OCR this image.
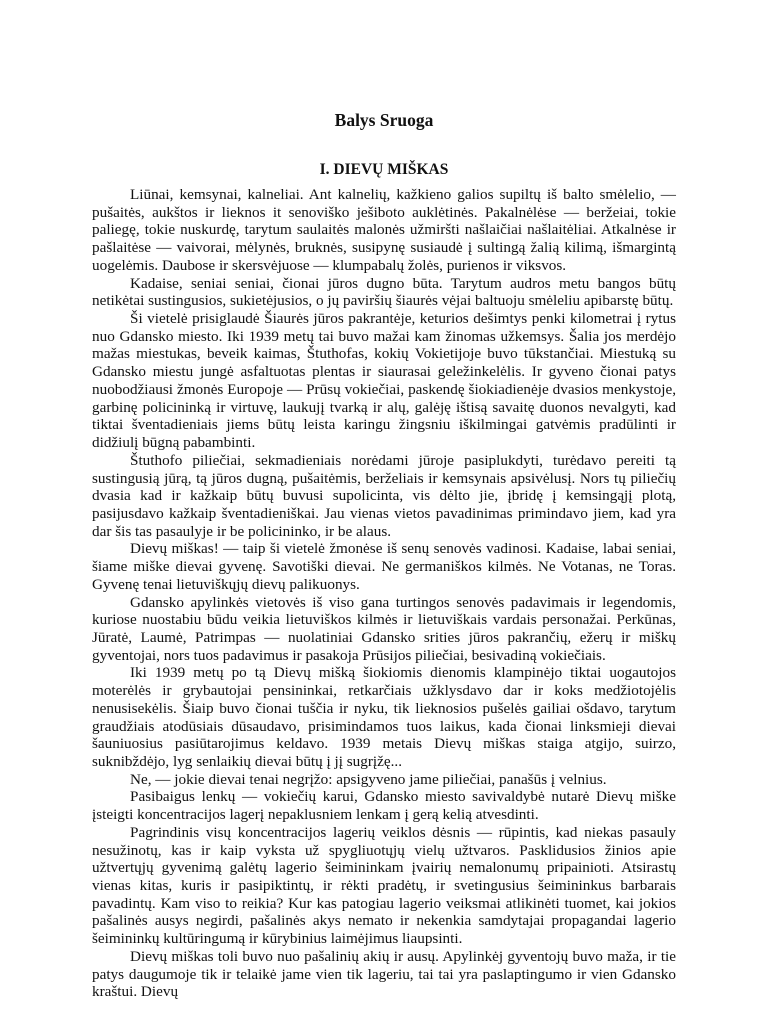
Balys Sruoga
I. DIEVŲ MIŠKAS

Liūnai, kemsynai, kalneliai. Ant kalnelių, kažkieno galios supiltų iš balto smėlelio, — pušaitės, aukštos ir lieknos it senoviško ješiboto auklėtinės. Pakalnėlėse — beržeiai, tokie paliegę, tokie nuskurdę, tarytum saulaitės malonės užmiršti našlaičiai našlaitėliai. Atkalnėse ir pašlaitėse — vaivorai, mėlynės, bruknės, susipynę susiaudė į sultingą žalią kilimą, išmargintą uogelėmis. Daubose ir skersvėjuose — klumpabalų žolės, purienos ir viksvos.

Kadaise, seniai seniai, čionai jūros dugno būta. Tarytum audros metu bangos būtų netikėtai sustingusios, sukietėjusios, o jų paviršių šiaurės vėjai baltuoju smėleliu apibarstę būtų.

Ši vietelė prisiglaudė Šiaurės jūros pakrantėje, keturios dešimtys penki kilometrai į rytus nuo Gdansko miesto. Iki 1939 metų tai buvo mažai kam žinomas užkemsys. Šalia jos merdėjo mažas miestukas, beveik kaimas, Štuthofas, kokių Vokietijoje buvo tūkstančiai. Miestuką su Gdansko miestu jungė asfaltuotas plentas ir siaurasai geležinkelėlis. Ir gyveno čionai patys nuobodžiausi žmonės Europoje — Prūsų vokiečiai, paskendę šiokiadienėje dvasios menkystoje, garbinę policininką ir virtuvę, laukujį tvarką ir alų, galėję ištisą savaitę duonos nevalgyti, kad tiktai šventadieniais jiems būtų leista karingu žingsniu iškilmingai gatvėmis pradūlinti ir didžiulį būgną pabambinti.

Štuthofo piliečiai, sekmadieniais norėdami jūroje pasiplukdyti, turėdavo pereiti tą sustingusią jūrą, tą jūros dugną, pušaitėmis, berželiais ir kemsynais apsivėlusį. Nors tų piliečių dvasia kad ir kažkaip būtų buvusi supolicinta, vis dėlto jie, įbridę į kemsingąjį plotą, pasijusdavo kažkaip šventadieniškai. Jau vienas vietos pavadinimas primindavo jiem, kad yra dar šis tas pasaulyje ir be policininko, ir be alaus.

Dievų miškas! — taip ši vietelė žmonėse iš senų senovės vadinosi. Kadaise, labai seniai, šiame miške dievai gyvenę. Savotiški dievai. Ne germaniškos kilmės. Ne Votanas, ne Toras. Gyvenę tenai lietuviškųjų dievų palikuonys.

Gdansko apylinkės vietovės iš viso gana turtingos senovės padavimais ir legendomis, kuriose nuostabiu būdu veikia lietuviškos kilmės ir lietuviškais vardais personažai. Perkūnas, Jūratė, Laumė, Patrimpas — nuolatiniai Gdansko srities jūros pakrančių, ežerų ir miškų gyventojai, nors tuos padavimus ir pasakoja Prūsijos piliečiai, besivadiną vokiečiais.

Iki 1939 metų po tą Dievų mišką šiokiomis dienomis klampinėjo tiktai uogautojos moterėlės ir grybautojai pensininkai, retkarčiais užklysdavo dar ir koks medžiotojėlis nenusisekėlis. Šiaip buvo čionai tuščia ir nyku, tik lieknosios pušelės gailiai ošdavo, tarytum graudžiais atodūsiais dūsaudavo, prisimindamos tuos laikus, kada čionai linksmieji dievai šauniuosius pasiūtarojimus keldavo. 1939 metais Dievų miškas staiga atgijo, suirzo, suknibždėjo, lyg senlaikių dievai būtų į jį sugrįžę...

Ne, — jokie dievai tenai negrįžo: apsigyveno jame piliečiai, panašūs į velnius.

Pasibaigus lenkų — vokiečių karui, Gdansko miesto savivaldybė nutarė Dievų miške įsteigti koncentracijos lagerį nepaklusniem lenkam į gerą kelią atvesdinti.

Pagrindinis visų koncentracijos lagerių veiklos dėsnis — rūpintis, kad niekas pasauly nesužinotų, kas ir kaip vyksta už spygliuotųjų vielų užtvaros. Pasklidusios žinios apie užtvertųjų gyvenimą galėtų lagerio šeimininkam įvairių nemalonumų pripainioti. Atsirastų vienas kitas, kuris ir pasipiktintų, ir rėkti pradėtų, ir svetingusius šeimininkus barbarais pavadintų. Kam viso to reikia? Kur kas patogiau lagerio veiksmai atlikinėti tuomet, kai jokios pašalinės ausys negirdi, pašalinės akys nemato ir nekenkia samdytajai propagandai lagerio šeimininkų kultūringumą ir kūrybinius laimėjimus liaupsinti.

Dievų miškas toli buvo nuo pašalinių akių ir ausų. Apylinkėj gyventojų buvo maža, ir tie patys daugumoje tik ir telaikė jame vien tik lageriu, tai tai yra paslaptingumo ir vien Gdansko kraštui. Dievų
